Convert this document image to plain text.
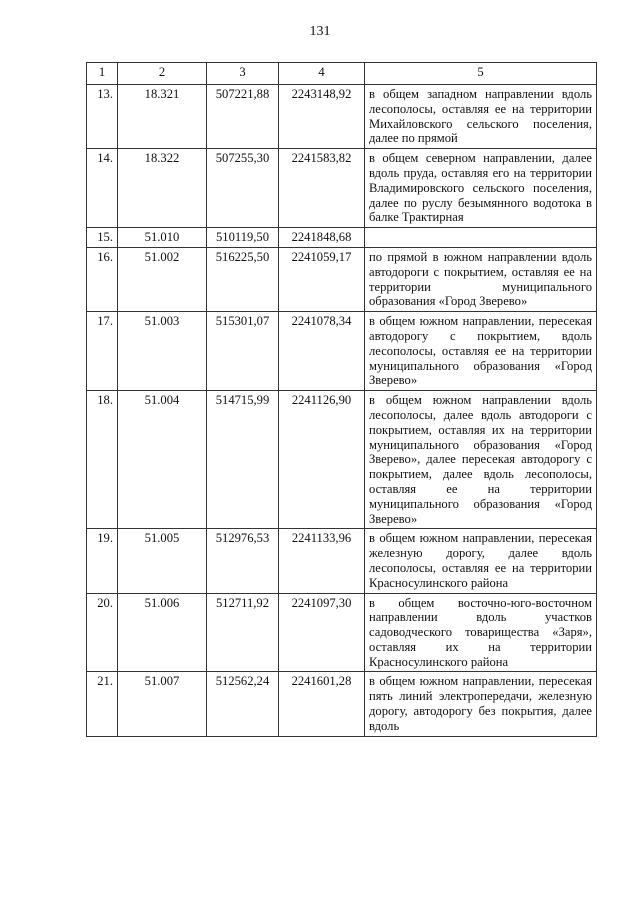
131
1	2	3	4	5
13.	18.321	507221,88	2243148,92	в общем западном направлении вдоль лесополосы, оставляя ее на территории Михайловского сельского поселения, далее по прямой
14.	18.322	507255,30	2241583,82	в общем северном направлении, далее вдоль пруда, оставляя его на территории Владимировского сельского поселения, далее по руслу безымянного водотока в балке Трактирная
15.	51.010	510119,50	2241848,68	
16.	51.002	516225,50	2241059,17	по прямой в южном направлении вдоль автодороги с покрытием, оставляя ее на территории муниципального образования «Город Зверево»
17.	51.003	515301,07	2241078,34	в общем южном направлении, пересекая автодорогу с покрытием, вдоль лесополосы, оставляя ее на территории муниципального образования «Город Зверево»
18.	51.004	514715,99	2241126,90	в общем южном направлении вдоль лесополосы, далее вдоль автодороги с покрытием, оставляя их на территории муниципального образования «Город Зверево», далее пересекая автодорогу с покрытием, далее вдоль лесополосы, оставляя ее на территории муниципального образования «Город Зверево»
19.	51.005	512976,53	2241133,96	в общем южном направлении, пересекая железную дорогу, далее вдоль лесополосы, оставляя ее на территории Красносулинского района
20.	51.006	512711,92	2241097,30	в общем восточно-юго-восточном направлении вдоль участков садоводческого товарищества «Заря», оставляя их на территории Красносулинского района
21.	51.007	512562,24	2241601,28	в общем южном направлении, пересекая пять линий электропередачи, железную дорогу, автодорогу без покрытия, далее вдоль
